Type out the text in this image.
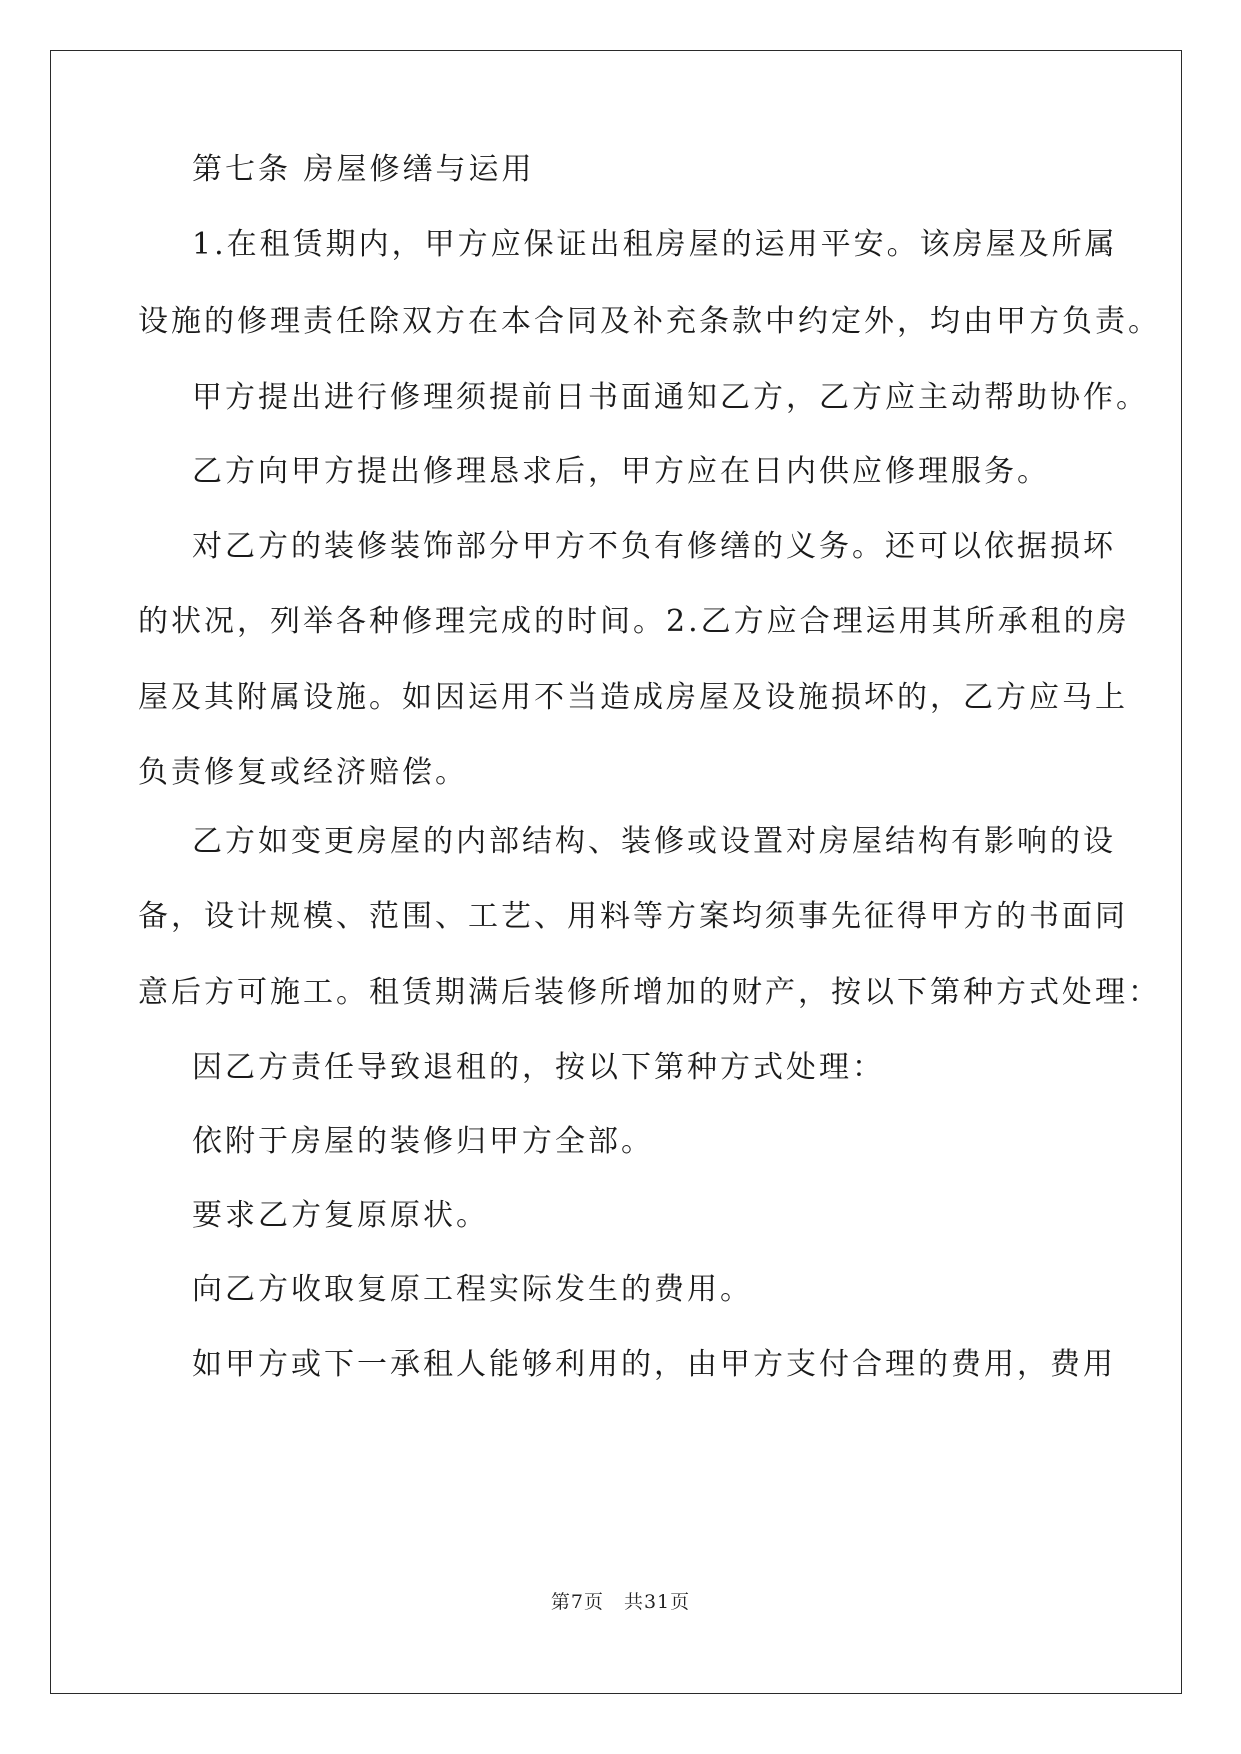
第七条 房屋修缮与运用
1.在租赁期内，甲方应保证出租房屋的运用平安。该房屋及所属
设施的修理责任除双方在本合同及补充条款中约定外，均由甲方负责。
甲方提出进行修理须提前日书面通知乙方，乙方应主动帮助协作。
乙方向甲方提出修理恳求后，甲方应在日内供应修理服务。
对乙方的装修装饰部分甲方不负有修缮的义务。还可以依据损坏
的状况，列举各种修理完成的时间。2.乙方应合理运用其所承租的房
屋及其附属设施。如因运用不当造成房屋及设施损坏的，乙方应马上
负责修复或经济赔偿。
乙方如变更房屋的内部结构、装修或设置对房屋结构有影响的设
备，设计规模、范围、工艺、用料等方案均须事先征得甲方的书面同
意后方可施工。租赁期满后装修所增加的财产，按以下第种方式处理：
因乙方责任导致退租的，按以下第种方式处理：
依附于房屋的装修归甲方全部。
要求乙方复原原状。
向乙方收取复原工程实际发生的费用。
如甲方或下一承租人能够利用的，由甲方支付合理的费用，费用
第7页 共31页
